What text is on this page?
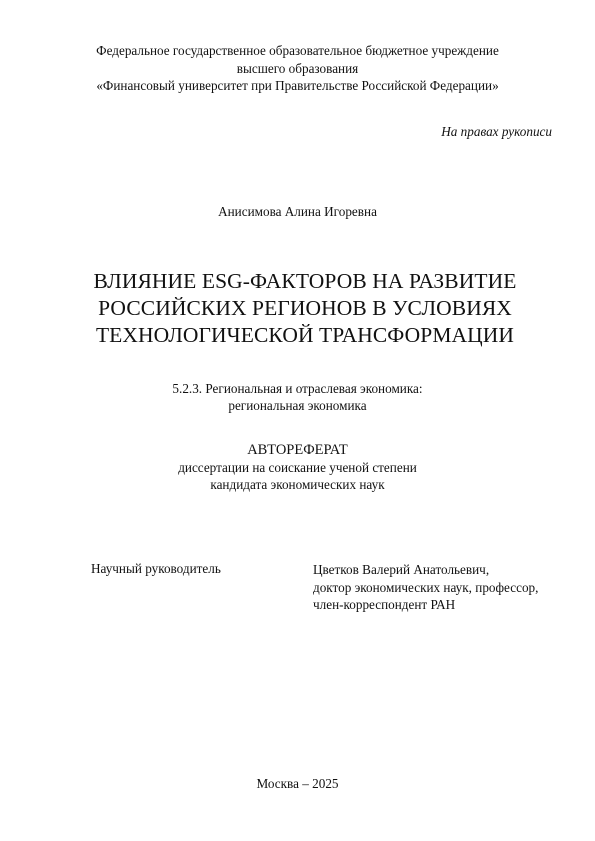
Федеральное государственное образовательное бюджетное учреждение
высшего образования
«Финансовый университет при Правительстве Российской Федерации»
На правах рукописи
Анисимова Алина Игоревна
ВЛИЯНИЕ ESG-ФАКТОРОВ НА РАЗВИТИЕ
РОССИЙСКИХ РЕГИОНОВ В УСЛОВИЯХ
ТЕХНОЛОГИЧЕСКОЙ ТРАНСФОРМАЦИИ
5.2.3. Региональная и отраслевая экономика:
региональная экономика
АВТОРЕФЕРАТ
диссертации на соискание ученой степени
кандидата экономических наук
Научный руководитель	Цветков Валерий Анатольевич,
доктор экономических наук, профессор,
член-корреспондент РАН
Москва – 2025
